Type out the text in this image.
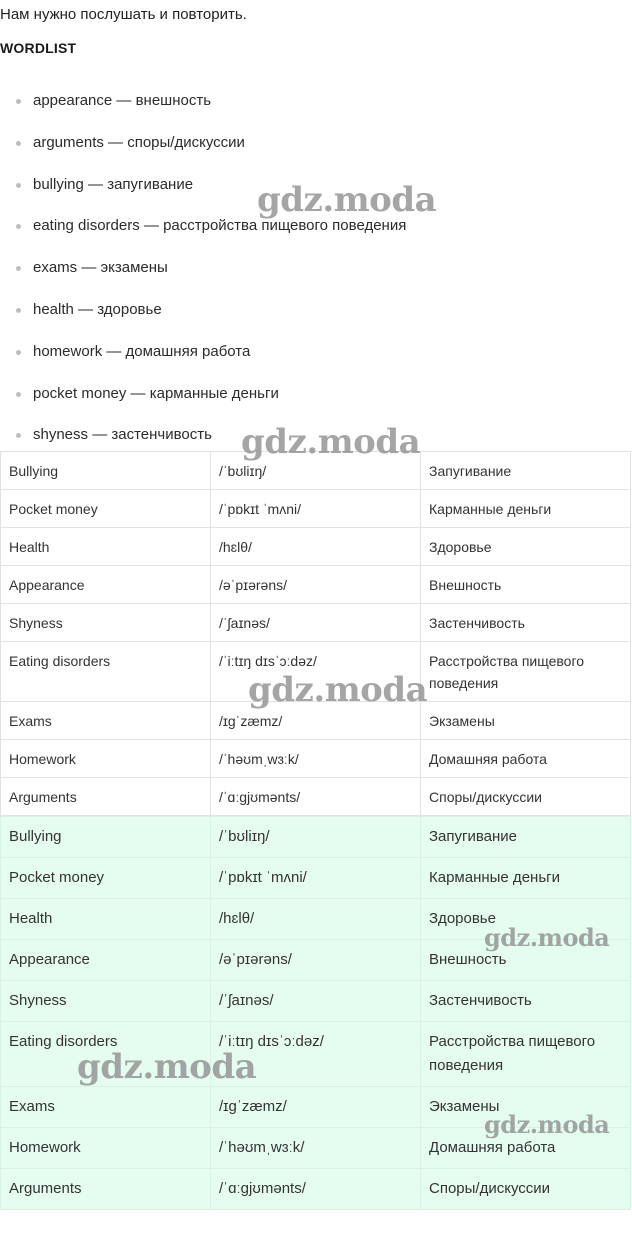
Нам нужно послушать и повторить.
WORDLIST
appearance — внешность
arguments — споры/дискуссии
bullying — запугивание
eating disorders — расстройства пищевого поведения
exams — экзамены
health — здоровье
homework — домашняя работа
pocket money — карманные деньги
shyness — застенчивость
Bullying	/ˈbʊliɪŋ/	Запугивание
Pocket money	/ˈpɒkɪt ˈmʌni/	Карманные деньги
Health	/hɛlθ/	Здоровье
Appearance	/əˈpɪərəns/	Внешность
Shyness	/ˈʃaɪnəs/	Застенчивость
Eating disorders	/ˈiːtɪŋ dɪsˈɔːdəz/	Расстройства пищевого поведения
Exams	/ɪɡˈzæmz/	Экзамены
Homework	/ˈhəʊmˌwɜːk/	Домашняя работа
Arguments	/ˈɑːɡjʊmənts/	Споры/дискуссии
Bullying	/ˈbʊliɪŋ/	Запугивание
Pocket money	/ˈpɒkɪt ˈmʌni/	Карманные деньги
Health	/hɛlθ/	Здоровье
Appearance	/əˈpɪərəns/	Внешность
Shyness	/ˈʃaɪnəs/	Застенчивость
Eating disorders	/ˈiːtɪŋ dɪsˈɔːdəz/	Расстройства пищевого поведения
Exams	/ɪɡˈzæmz/	Экзамены
Homework	/ˈhəʊmˌwɜːk/	Домашняя работа
Arguments	/ˈɑːɡjʊmənts/	Споры/дискуссии
gdz.moda
gdz.moda
gdz.moda
gdz.moda
gdz.moda
gdz.moda
